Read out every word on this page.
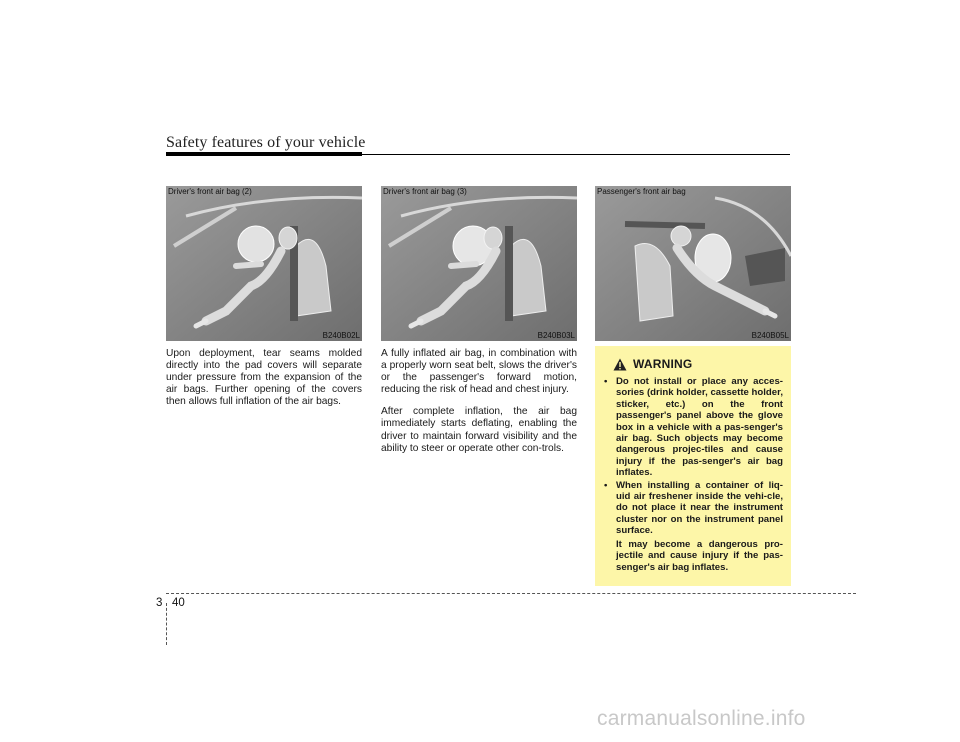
Safety features of your vehicle
Driver's front air bag (2)
B240B02L
Driver's front air bag (3)
B240B03L
Passenger's front air bag
B240B05L

Upon deployment, tear seams molded directly into the pad covers will separate under pressure from the expansion of the air bags. Further opening of the covers then allows full inflation of the air bags.

A fully inflated air bag, in combination with a properly worn seat belt, slows the driver's or the passenger's forward motion, reducing the risk of head and chest injury.

After complete inflation, the air bag immediately starts deflating, enabling the driver to maintain forward visibility and the ability to steer or operate other con-trols.

WARNING
• Do not install or place any acces-sories (drink holder, cassette holder, sticker, etc.) on the front passenger's panel above the glove box in a vehicle with a pas-senger's air bag. Such objects may become dangerous projec-tiles and cause injury if the pas-senger's air bag inflates.
• When installing a container of liq-uid air freshener inside the vehi-cle, do not place it near the instrument cluster nor on the instrument panel surface.
It may become a dangerous pro-jectile and cause injury if the pas-senger's air bag inflates.
3 40
carmanualsonline.info
